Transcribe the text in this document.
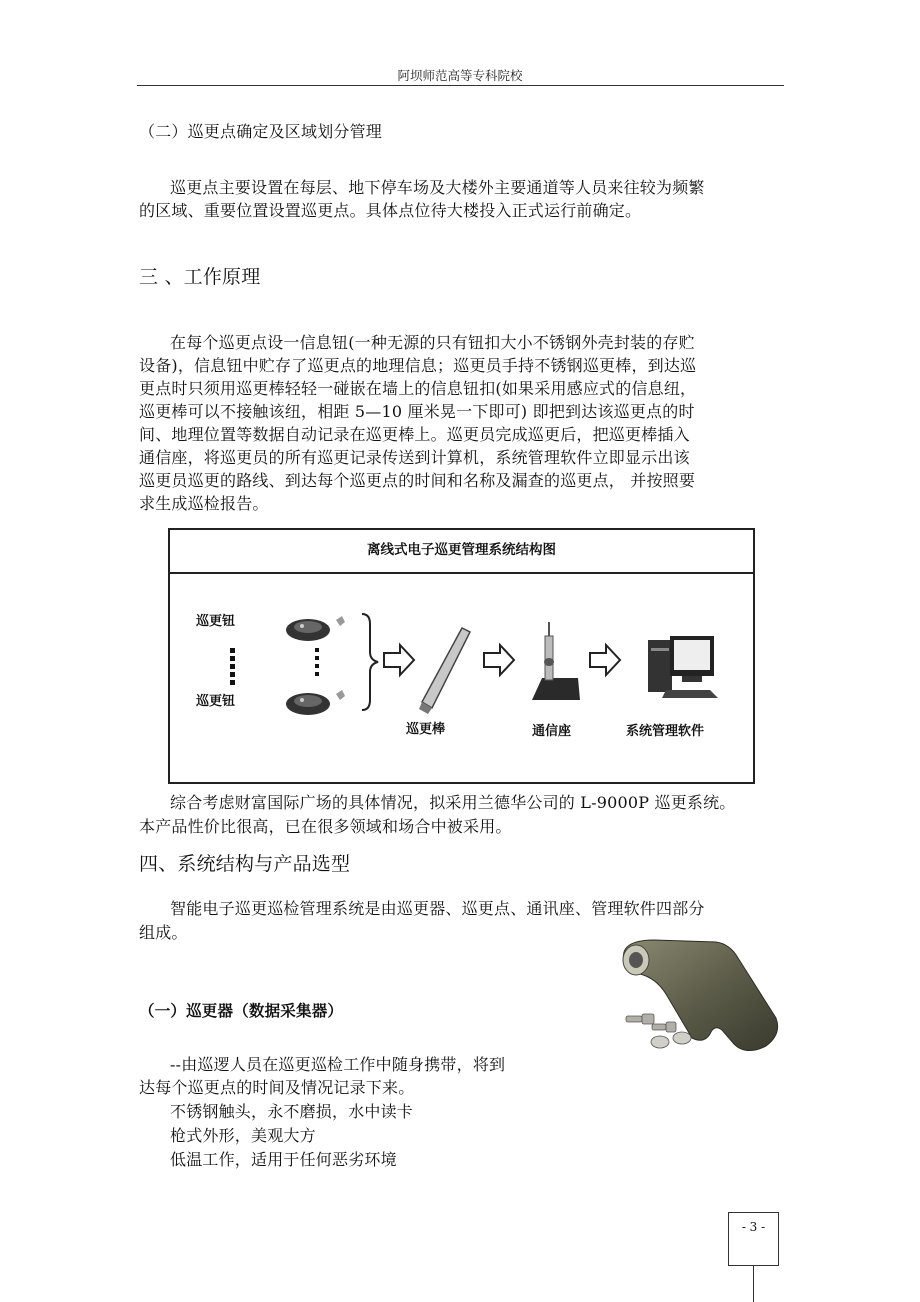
阿坝师范高等专科院校
（二）巡更点确定及区域划分管理
巡更点主要设置在每层、地下停车场及大楼外主要通道等人员来往较为频繁
的区域、重要位置设置巡更点。具体点位待大楼投入正式运行前确定。
三 、工作原理
在每个巡更点设一信息钮(一种无源的只有钮扣大小不锈钢外壳封装的存贮
设备)，信息钮中贮存了巡更点的地理信息；巡更员手持不锈钢巡更棒，到达巡
更点时只须用巡更棒轻轻一碰嵌在墙上的信息钮扣(如果采用感应式的信息纽，
巡更棒可以不接触该纽，相距 5—10 厘米晃一下即可) 即把到达该巡更点的时
间、地理位置等数据自动记录在巡更棒上。巡更员完成巡更后，把巡更棒插入
通信座，将巡更员的所有巡更记录传送到计算机，系统管理软件立即显示出该
巡更员巡更的路线、到达每个巡更点的时间和名称及漏查的巡更点， 并按照要
求生成巡检报告。
离线式电子巡更管理系统结构图
巡更钮
巡更钮
巡更棒	通信座	系统管理软件
综合考虑财富国际广场的具体情况，拟采用兰德华公司的 L-9000P 巡更系统。
本产品性价比很高，已在很多领域和场合中被采用。
四、系统结构与产品选型
智能电子巡更巡检管理系统是由巡更器、巡更点、通讯座、管理软件四部分
组成。
（一）巡更器（数据采集器）
--由巡逻人员在巡更巡检工作中随身携带，将到
达每个巡更点的时间及情况记录下来。
不锈钢触头，永不磨损，水中读卡
枪式外形，美观大方
低温工作，适用于任何恶劣环境
- 3 -
